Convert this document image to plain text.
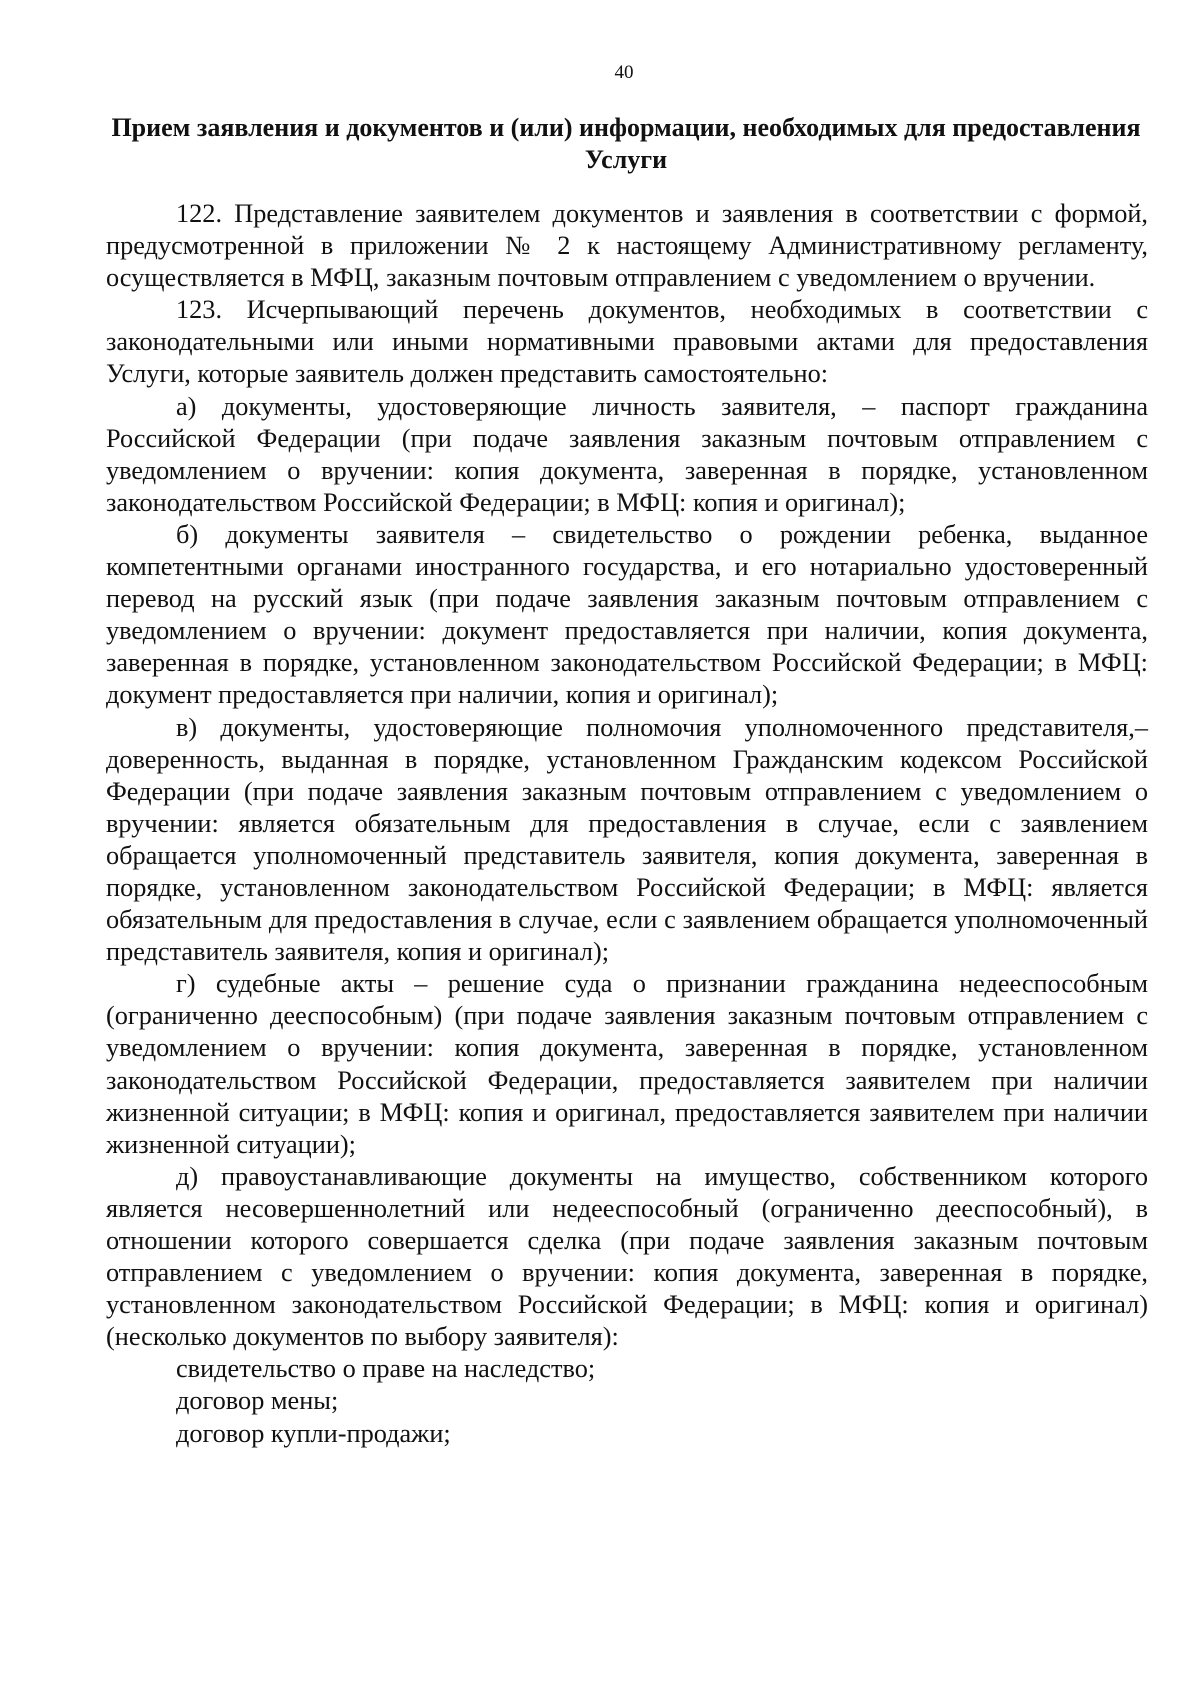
40
Прием заявления и документов и (или) информации, необходимых для предоставления Услуги

122. Представление заявителем документов и заявления в соответствии с формой, предусмотренной в приложении № 2 к настоящему Административному регламенту, осуществляется в МФЦ, заказным почтовым отправлением с уведомлением о вручении.

123. Исчерпывающий перечень документов, необходимых в соответствии с законодательными или иными нормативными правовыми актами для предоставления Услуги, которые заявитель должен представить самостоятельно:

а) документы, удостоверяющие личность заявителя, – паспорт гражданина Российской Федерации (при подаче заявления заказным почтовым отправлением с уведомлением о вручении: копия документа, заверенная в порядке, установленном законодательством Российской Федерации; в МФЦ: копия и оригинал);

б) документы заявителя – свидетельство о рождении ребенка, выданное компетентными органами иностранного государства, и его нотариально удостоверенный перевод на русский язык (при подаче заявления заказным почтовым отправлением с уведомлением о вручении: документ предоставляется при наличии, копия документа, заверенная в порядке, установленном законодательством Российской Федерации; в МФЦ: документ предоставляется при наличии, копия и оригинал);

в) документы, удостоверяющие полномочия уполномоченного представителя,– доверенность, выданная в порядке, установленном Гражданским кодексом Российской Федерации (при подаче заявления заказным почтовым отправлением с уведомлением о вручении: является обязательным для предоставления в случае, если с заявлением обращается уполномоченный представитель заявителя, копия документа, заверенная в порядке, установленном законодательством Российской Федерации; в МФЦ: является обязательным для предоставления в случае, если с заявлением обращается уполномоченный представитель заявителя, копия и оригинал);

г) судебные акты – решение суда о признании гражданина недееспособным (ограниченно дееспособным) (при подаче заявления заказным почтовым отправлением с уведомлением о вручении: копия документа, заверенная в порядке, установленном законодательством Российской Федерации, предоставляется заявителем при наличии жизненной ситуации; в МФЦ: копия и оригинал, предоставляется заявителем при наличии жизненной ситуации);

д) правоустанавливающие документы на имущество, собственником которого является несовершеннолетний или недееспособный (ограниченно дееспособный), в отношении которого совершается сделка (при подаче заявления заказным почтовым отправлением с уведомлением о вручении: копия документа, заверенная в порядке, установленном законодательством Российской Федерации; в МФЦ: копия и оригинал) (несколько документов по выбору заявителя):

свидетельство о праве на наследство;

договор мены;

договор купли-продажи;
